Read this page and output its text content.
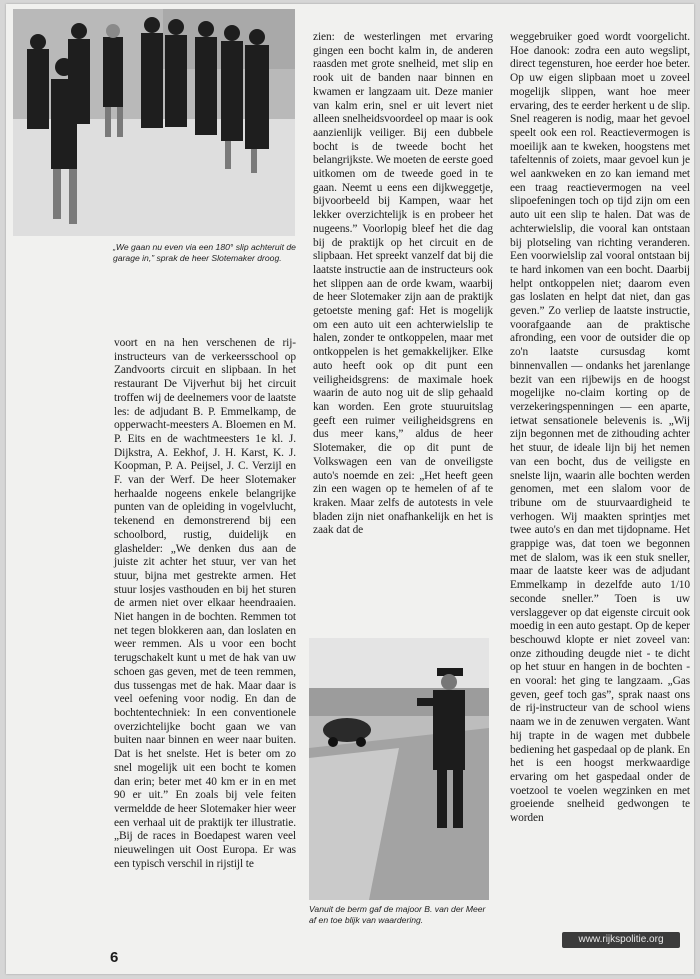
„We gaan nu even via een 180° slip achteruit de garage in,” sprak de heer Slotemaker droog.

voort en na hen verschenen de rij-instructeurs van de verkeersschool op Zandvoorts circuit en slipbaan. In het restaurant De Vijverhut bij het circuit troffen wij de deelnemers voor de laatste les: de adjudant B. P. Emmelkamp, de opperwacht-meesters A. Bloemen en M. P. Eits en de wachtmeesters 1e kl. J. Dijkstra, A. Eekhof, J. H. Karst, K. J. Koopman, P. A. Peijsel, J. C. Verzijl en F. van der Werf. De heer Slotemaker herhaalde nogeens enkele belangrijke punten van de opleiding in vogelvlucht, tekenend en demonstrerend bij een schoolbord, rustig, duidelijk en glashelder: „We denken dus aan de juiste zit achter het stuur, ver van het stuur, bijna met gestrekte armen. Het stuur losjes vasthouden en bij het sturen de armen niet over elkaar heendraaien. Niet hangen in de bochten. Remmen tot net tegen blokkeren aan, dan loslaten en weer remmen. Als u voor een bocht terugschakelt kunt u met de hak van uw schoen gas geven, met de teen remmen, dus tussengas met de hak. Maar daar is veel oefening voor nodig. En dan de bochtentechniek: In een conventionele overzichtelijke bocht gaan we van buiten naar binnen en weer naar buiten. Dat is het snelste. Het is beter om zo snel mogelijk uit een bocht te komen dan erin; beter met 40 km er in en met 90 er uit.” En zoals bij vele feiten vermeldde de heer Slotemaker hier weer een verhaal uit de praktijk ter illustratie. „Bij de races in Boedapest waren veel nieuwelingen uit Oost Europa. Er was een typisch verschil in rijstijl te

zien: de westerlingen met ervaring gingen een bocht kalm in, de anderen raasden met grote snelheid, met slip en rook uit de banden naar binnen en kwamen er langzaam uit. Deze manier van kalm erin, snel er uit levert niet alleen snelheidsvoordeel op maar is ook aanzienlijk veiliger. Bij een dubbele bocht is de tweede bocht het belangrijkste. We moeten de eerste goed uitkomen om de tweede goed in te gaan. Neemt u eens een dijkweggetje, bijvoorbeeld bij Kampen, waar het lekker overzichtelijk is en probeer het nugeens.” Voorlopig bleef het die dag bij de praktijk op het circuit en de slipbaan. Het spreekt vanzelf dat bij die laatste instructie aan de instructeurs ook het slippen aan de orde kwam, waarbij de heer Slotemaker zijn aan de praktijk getoetste mening gaf: Het is mogelijk om een auto uit een achterwielslip te halen, zonder te ontkoppelen, maar met ontkoppelen is het gemakkelijker. Elke auto heeft ook op dit punt een veiligheidsgrens: de maximale hoek waarin de auto nog uit de slip gehaald kan worden. Een grote stuuruitslag geeft een ruimer veiligheidsgrens en dus meer kans,” aldus de heer Slotemaker, die op dit punt de Volkswagen een van de onveiligste auto's noemde en zei: „Het heeft geen zin een wagen op te hemelen of af te kraken. Maar zelfs de autotests in vele bladen zijn niet onafhankelijk en het is zaak dat de

weggebruiker goed wordt voorgelicht. Hoe danook: zodra een auto wegslipt, direct tegensturen, hoe eerder hoe beter. Op uw eigen slipbaan moet u zoveel mogelijk slippen, want hoe meer ervaring, des te eerder herkent u de slip. Snel reageren is nodig, maar het gevoel speelt ook een rol. Reactievermogen is moeilijk aan te kweken, hoogstens met tafeltennis of zoiets, maar gevoel kun je wel aankweken en zo kan iemand met een traag reactievermogen na veel slipoefeningen toch op tijd zijn om een auto uit een slip te halen. Dat was de achterwielslip, die vooral kan ontstaan bij plotseling van richting veranderen. Een voorwielslip zal vooral ontstaan bij te hard inkomen van een bocht. Daarbij helpt ontkoppelen niet; daarom even gas loslaten en helpt dat niet, dan gas geven.” Zo verliep de laatste instructie, voorafgaande aan de praktische afronding, een voor de outsider die op zo'n laatste cursusdag komt binnenvallen — ondanks het jarenlange bezit van een rijbewijs en de hoogst mogelijke no-claim korting op de verzekeringspenningen — een aparte, ietwat sensationele belevenis is. „Wij zijn begonnen met de zithouding achter het stuur, de ideale lijn bij het nemen van een bocht, dus de veiligste en snelste lijn, waarin alle bochten werden genomen, met een slalom voor de tribune om de stuurvaardigheid te verhogen. Wij maakten sprintjes met twee auto's en dan met tijdopname. Het grappige was, dat toen we begonnen met de slalom, was ik een stuk sneller, maar de laatste keer was de adjudant Emmelkamp in dezelfde auto 1/10 seconde sneller.” Toen is uw verslaggever op dat eigenste circuit ook moedig in een auto gestapt. Op de keper beschouwd klopte er niet zoveel van: onze zithouding deugde niet - te dicht op het stuur en hangen in de bochten - en vooral: het ging te langzaam. „Gas geven, geef toch gas”, sprak naast ons de rij-instructeur van de school wiens naam we in de zenuwen vergaten. Want hij trapte in de wagen met dubbele bediening het gaspedaal op de plank. En het is een hoogst merkwaardige ervaring om het gaspedaal onder de voetzool te voelen wegzinken en met groeiende snelheid gedwongen te worden

Vanuit de berm gaf de majoor B. van der Meer af en toe blijk van waardering.
6
www.rijkspolitie.org
